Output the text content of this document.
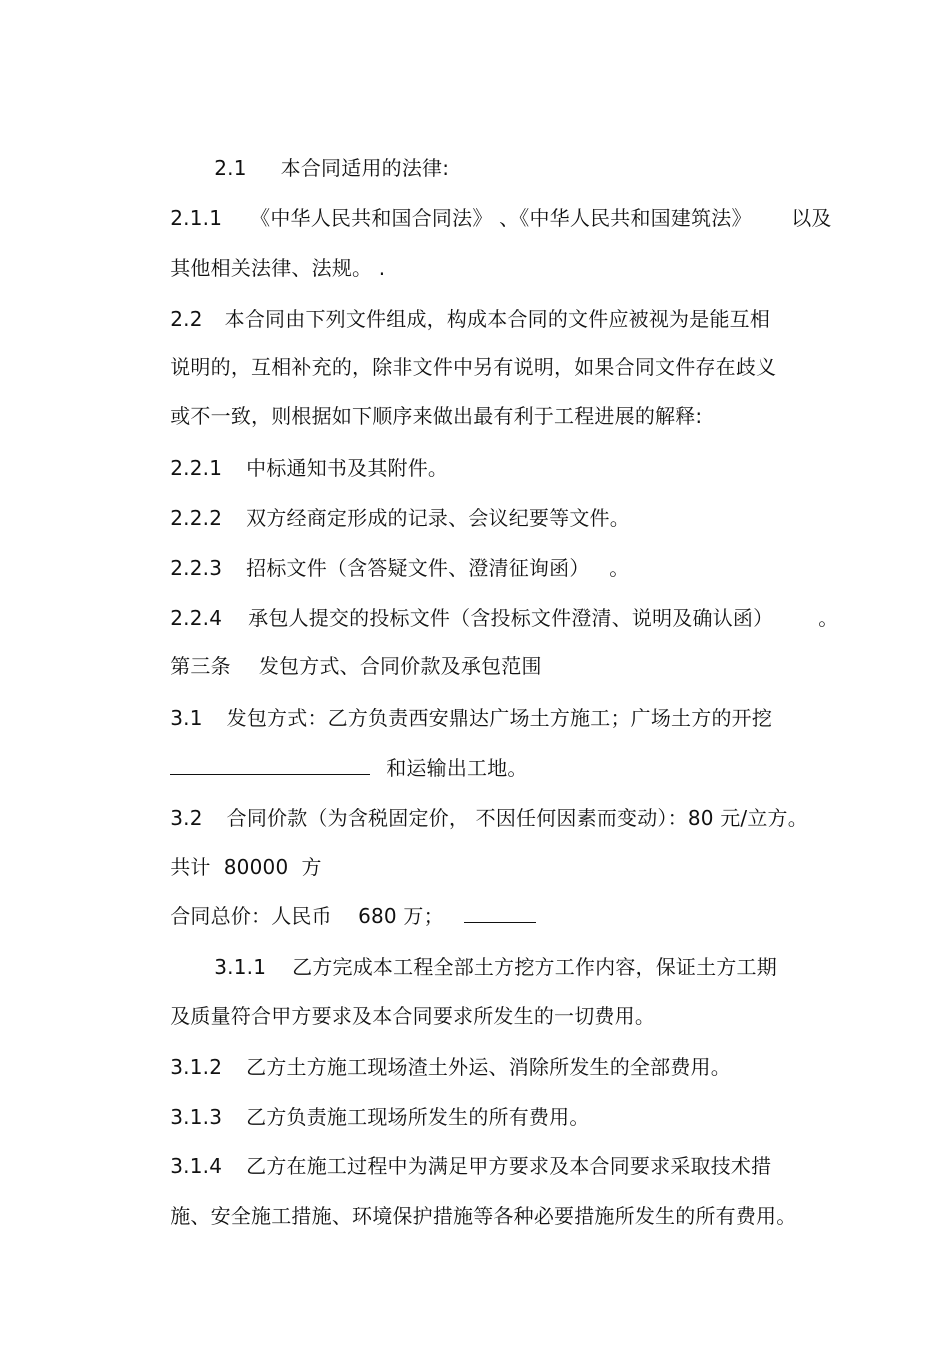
2.1 本合同适用的法律:

2.1.1 《中华人民共和国合同法》 、《中华人民共和国建筑法》
	以及

其他相关法律、法规。 .

2.2 本合同由下列文件组成，构成本合同的文件应被视为是能互相

说明的，互相补充的，除非文件中另有说明，如果合同文件存在歧义

或不一致，则根据如下顺序来做出最有利于工程进展的解释:

2.2.1 中标通知书及其附件。

2.2.2 双方经商定形成的记录、会议纪要等文件。

2.2.3 招标文件（含答疑文件、澄清征询函）
。

2.2.4 承包人提交的投标文件（含投标文件澄清、说明及确认函）
	。

第三条 发包方式、合同价款及承包范围

3.1 发包方式：乙方负责西安鼎达广场土方施工；广场土方的开挖

和运输出工地。

3.2 合同价款（为含税固定价， 不因任何因素而变动）：80 元/立方。

共计  80000  方

合同总价：人民币    680 万；

3.1.1 乙方完成本工程全部土方挖方工作内容，保证土方工期

及质量符合甲方要求及本合同要求所发生的一切费用。

3.1.2 乙方土方施工现场渣土外运、消除所发生的全部费用。

3.1.3 乙方负责施工现场所发生的所有费用。

3.1.4 乙方在施工过程中为满足甲方要求及本合同要求采取技术措

施、安全施工措施、环境保护措施等各种必要措施所发生的所有费用。
